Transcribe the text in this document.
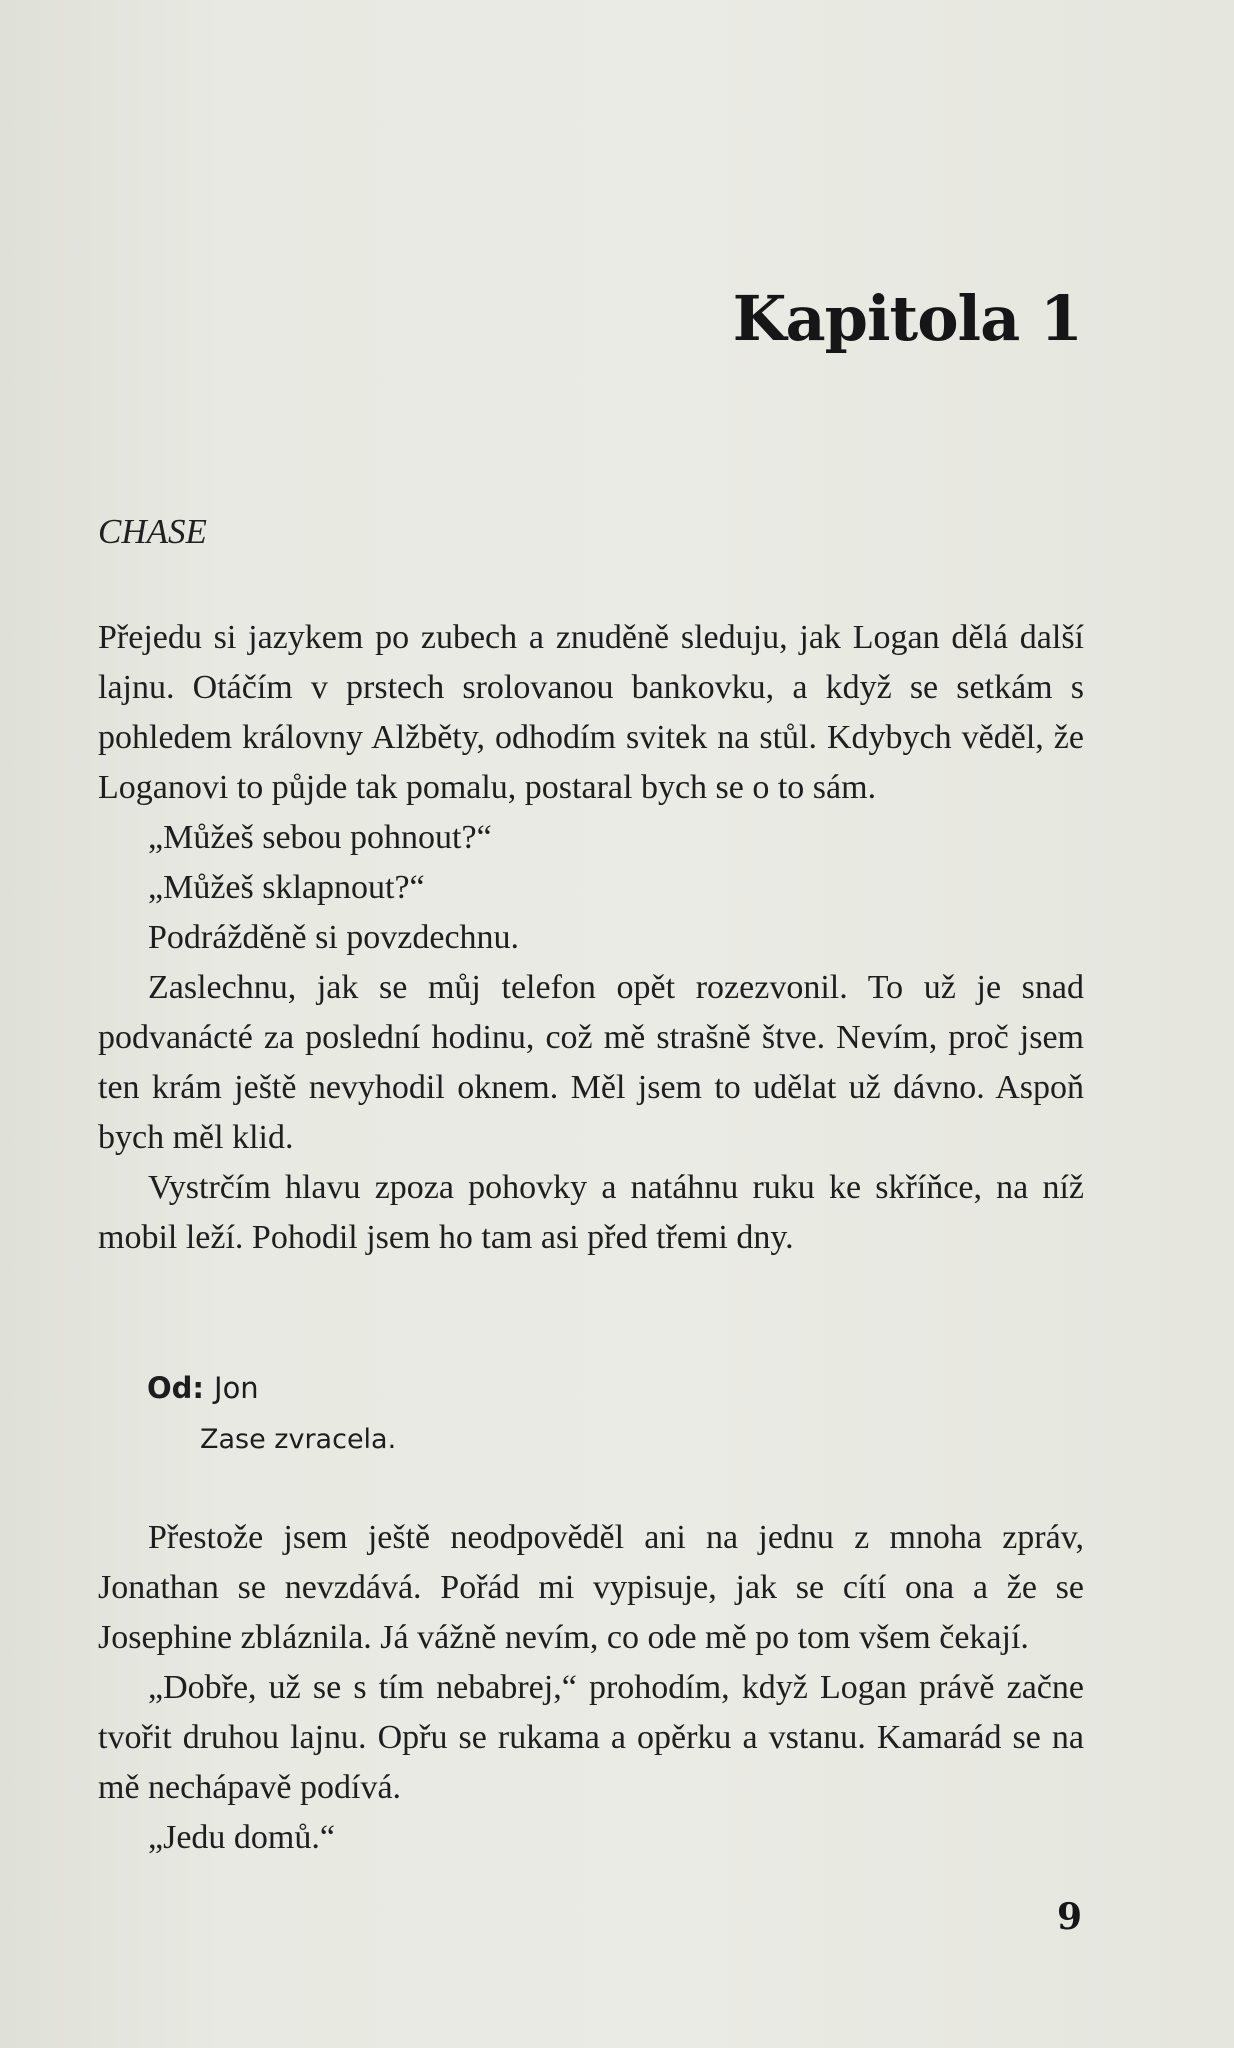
Kapitola 1
CHASE

Přejedu si jazykem po zubech a znuděně sleduju, jak Logan dělá další lajnu. Otáčím v prstech srolovanou bankovku, a když se setkám s pohledem královny Alžběty, odhodím svitek na stůl. Kdybych věděl, že Loganovi to půjde tak pomalu, postaral bych se o to sám.

„Můžeš sebou pohnout?“

„Můžeš sklapnout?“

Podrážděně si povzdechnu.

Zaslechnu, jak se můj telefon opět rozezvonil. To už je snad podvanácté za poslední hodinu, což mě strašně štve. Nevím, proč jsem ten krám ještě nevyhodil oknem. Měl jsem to udělat už dávno. Aspoň bych měl klid.

Vystrčím hlavu zpoza pohovky a natáhnu ruku ke skříňce, na níž mobil leží. Pohodil jsem ho tam asi před třemi dny.

Od: Jon
Zase zvracela.

Přestože jsem ještě neodpověděl ani na jednu z mnoha zpráv, Jonathan se nevzdává. Pořád mi vypisuje, jak se cítí ona a že se Josephine zbláznila. Já vážně nevím, co ode mě po tom všem čekají.

„Dobře, už se s tím nebabrej,“ prohodím, když Logan právě začne tvořit druhou lajnu. Opřu se rukama a opěrku a vstanu. Kamarád se na mě nechápavě podívá.

„Jedu domů.“

9
